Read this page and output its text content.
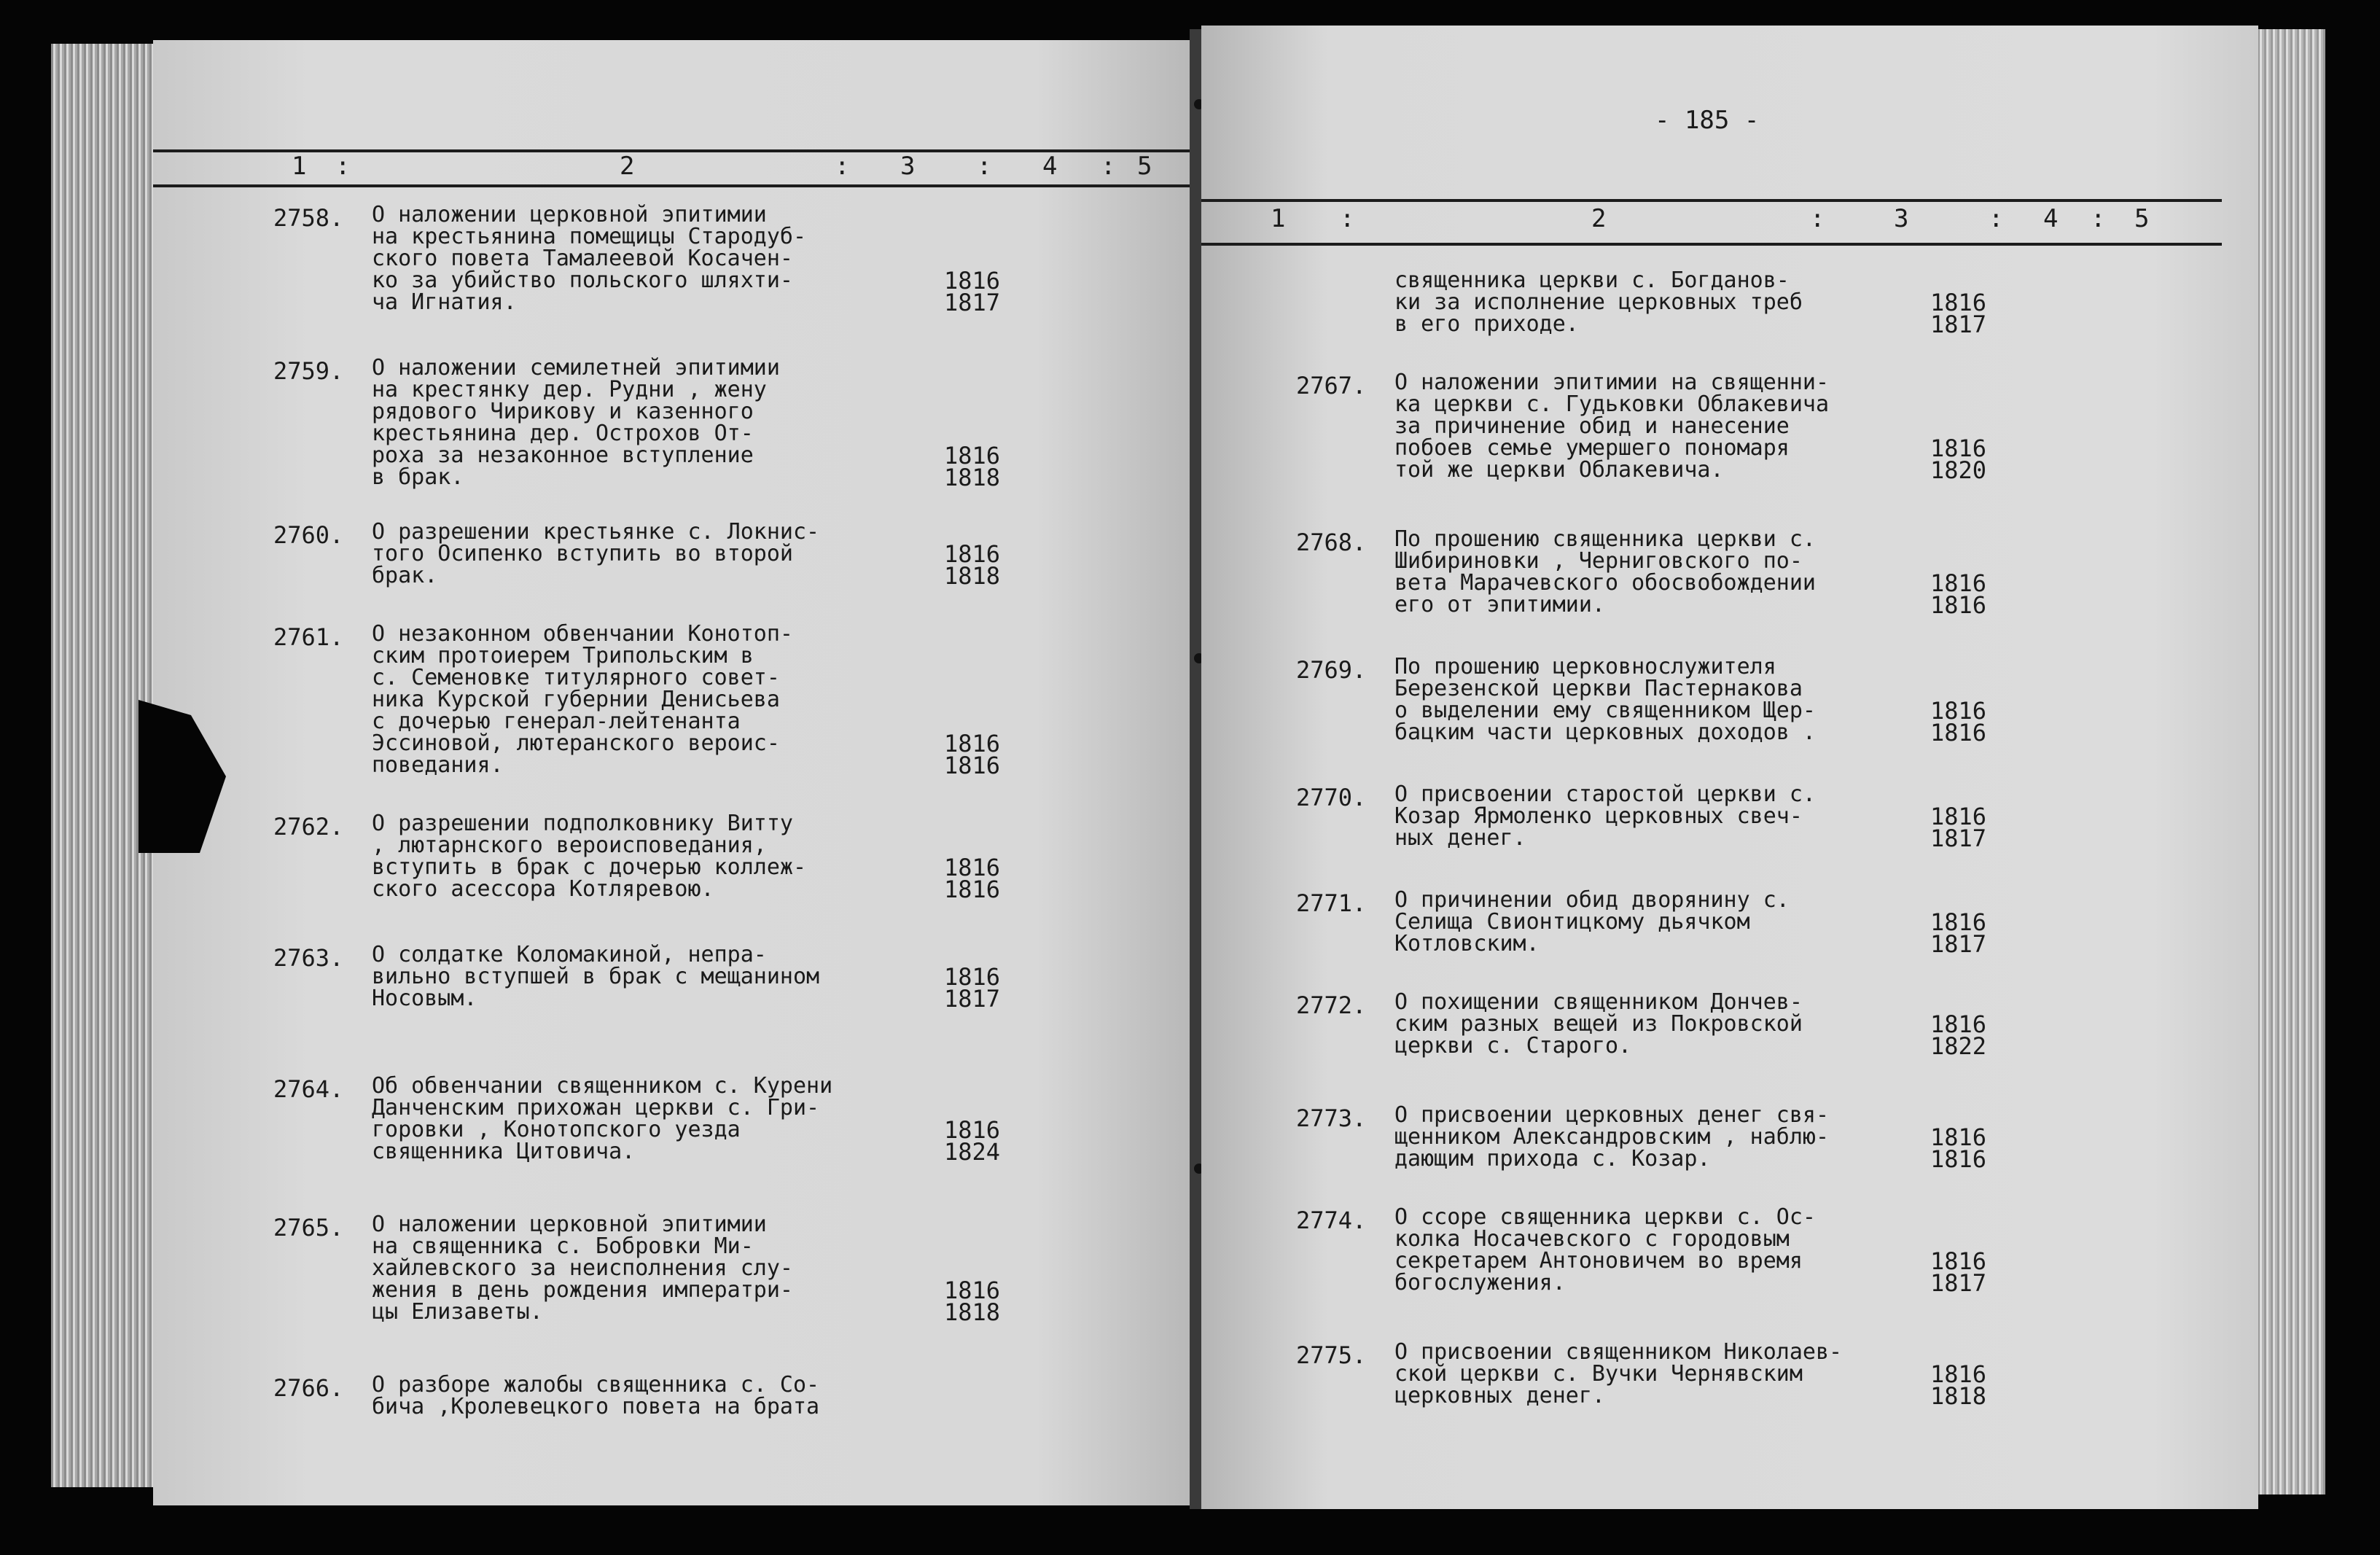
1 :	2	: 3 : 4 : 5
2758. О наложении церковной эпитимии
на крестьянина помещицы Стародуб-
ского повета Тамалеевой Косачен-
ко за убийство польского шляхти-
ча Игнатия.
1816
1817
2759. О наложении семилетней эпитимии
на крестянку дер. Рудни , жену
рядового Чирикову и казенного
крестьянина дер. Острохов От-
роха за незаконное вступление
в брак.
1816
1818
2760. О разрешении крестьянке с. Локнис-
того Осипенко вступить во второй
брак.
1816
1818
2761. О незаконном обвенчании Конотоп-
ским протоиерем Трипольским в
с. Семеновке титулярного совет-
ника Курской губернии Денисьева
с дочерью генерал-лейтенанта
Эссиновой, лютеранского вероис-
поведания.
1816
1816
2762. О разрешении подполковнику Витту
, лютарнского вероисповедания,
вступить в брак с дочерью коллеж-
ского асессора Котляревою.
1816
1816
2763. О солдатке Коломакиной, непра-
вильно вступшей в брак с мещанином
Носовым.
1816
1817
2764. Об обвенчании священником с. Курени
Данченским прихожан церкви с. Гри-
горовки , Конотопского уезда
священника Цитовича.
1816
1824
2765. О наложении церковной эпитимии
на священника с. Бобровки Ми-
хайлевского за неисполнения слу-
жения в день рождения императри-
цы Елизаветы.
1816
1818
2766. О разборе жалобы священника с. Со-
бича ,Кролевецкого повета на брата
- 185 -
1 :	2	:	3	: 4 : 5
священника церкви с. Богданов-
ки за исполнение церковных треб
в его приходе.
1816
1817
2767. О наложении эпитимии на священни-
ка церкви с. Гудьковки Облакевича
за причинение обид и нанесение
побоев семье умершего пономаря
той же церкви Облакевича.
1816
1820
2768. По прошению священника церкви с.
Шибириновки , Черниговского по-
вета Марачевского обосвобождении
его от эпитимии.
1816
1816
2769. По прошению церковнослужителя
Березенской церкви Пастернакова
о выделении ему священником Щер-
бацким части церковных доходов .
1816
1816
2770. О присвоении старостой церкви с.
Козар Ярмоленко церковных свеч-
ных денег.
1816
1817
2771. О причинении обид дворянину с.
Селища Свионтицкому дьячком
Котловским.
1816
1817
2772. О похищении священником Дончев-
ским разных вещей из Покровской
церкви с. Старого.
1816
1822
2773. О присвоении церковных денег свя-
щенником Александровским , наблю-
дающим прихода с. Козар.
1816
1816
2774. О ссоре священника церкви с. Ос-
колка Носачевского с городовым
секретарем Антоновичем во время
богослужения.
1816
1817
2775. О присвоении священником Николаев-
ской церкви с. Вучки Чернявским
церковных денег.
1816
1818
